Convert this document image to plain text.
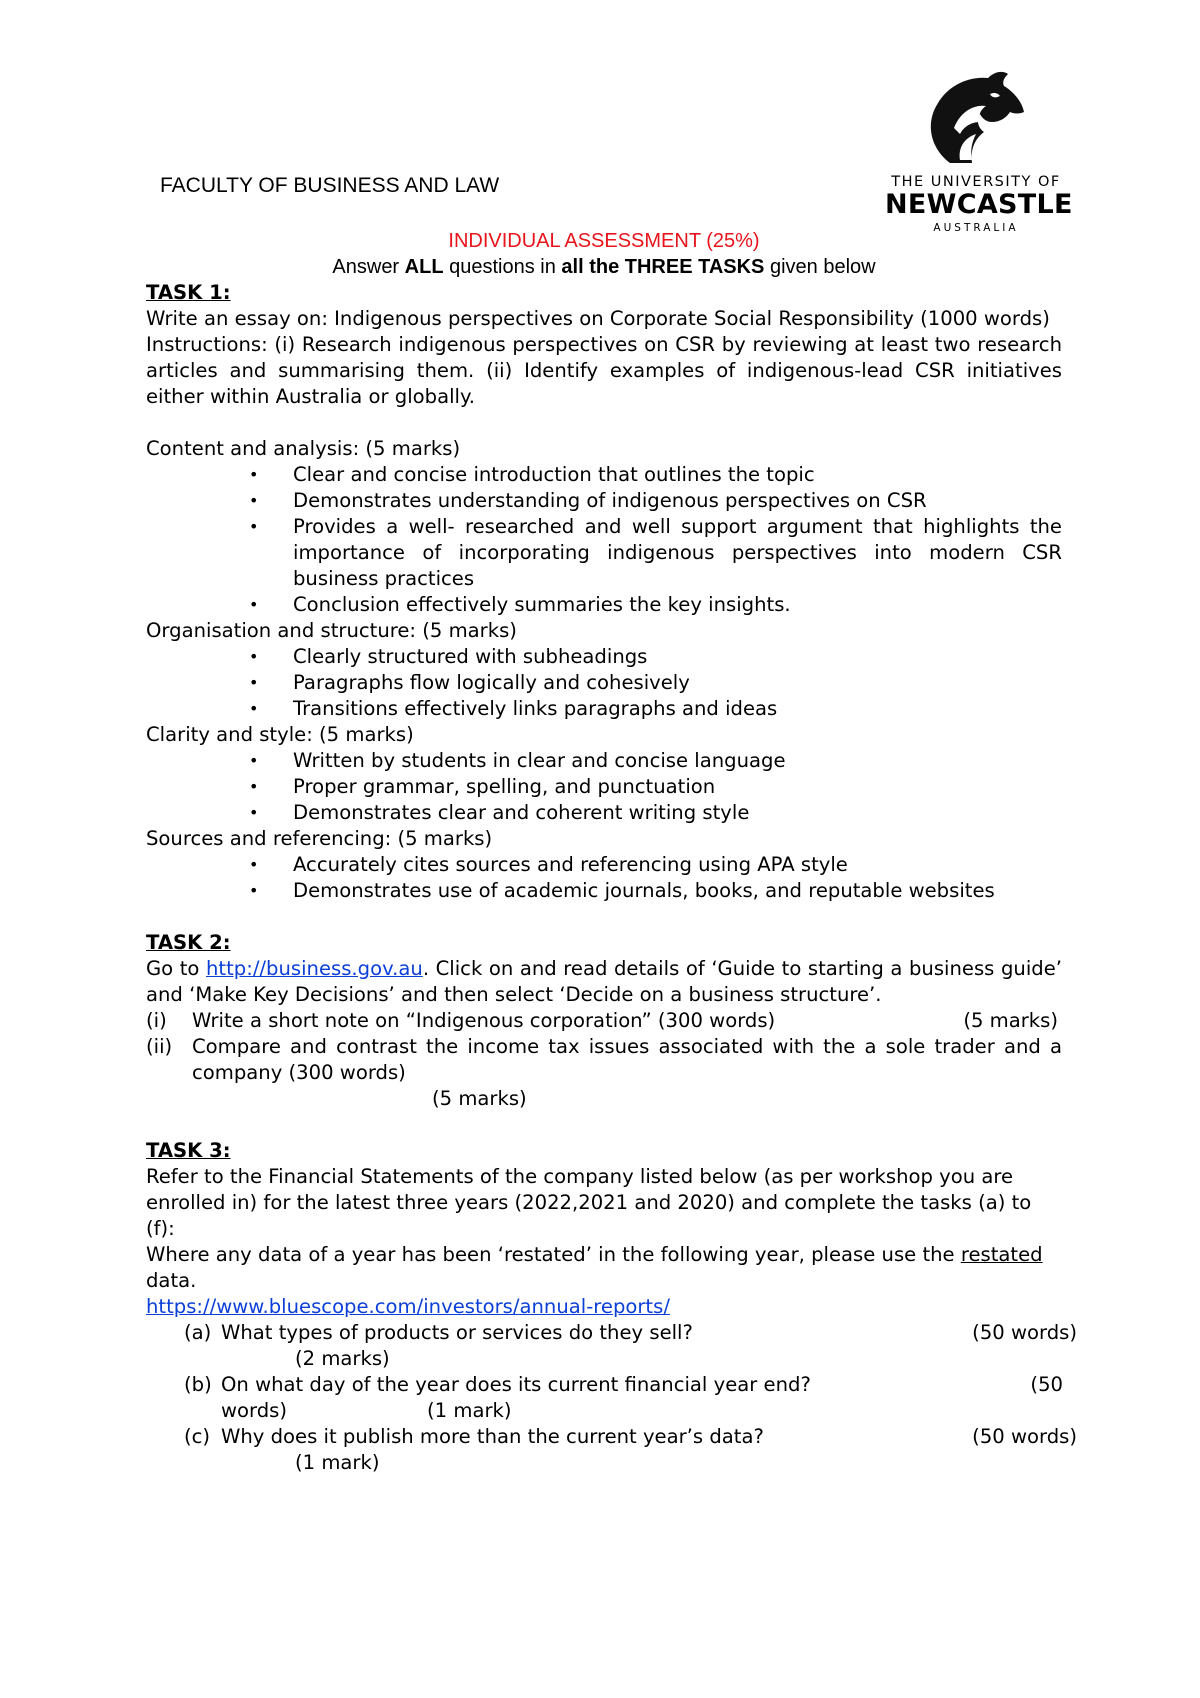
THE UNIVERSITY OF
NEWCASTLE
AUSTRALIA
FACULTY OF BUSINESS AND LAW

INDIVIDUAL ASSESSMENT (25%)

Answer ALL questions in all the THREE TASKS given below

TASK 1:

Write an essay on: Indigenous perspectives on Corporate Social Responsibility (1000 words)

Instructions: (i) Research indigenous perspectives on CSR by reviewing at least two research articles and summarising them. (ii) Identify examples of indigenous-lead CSR initiatives either within Australia or globally.

Content and analysis: (5 marks)

• Clear and concise introduction that outlines the topic
• Demonstrates understanding of indigenous perspectives on CSR
• Provides a well- researched and well support argument that highlights the importance of incorporating indigenous perspectives into modern CSR business practices
• Conclusion effectively summaries the key insights.

Organisation and structure: (5 marks)

• Clearly structured with subheadings
• Paragraphs flow logically and cohesively
• Transitions effectively links paragraphs and ideas

Clarity and style: (5 marks)

• Written by students in clear and concise language
• Proper grammar, spelling, and punctuation
• Demonstrates clear and coherent writing style

Sources and referencing: (5 marks)

• Accurately cites sources and referencing using APA style
• Demonstrates use of academic journals, books, and reputable websites

TASK 2:

Go to http://business.gov.au. Click on and read details of ‘Guide to starting a business guide’ and ‘Make Key Decisions’ and then select ‘Decide on a business structure’.

(i) Write a short note on “Indigenous corporation” (300 words)	(5 marks)
(ii) Compare and contrast the income tax issues associated with the a sole trader and a company (300 words)
(5 marks)

TASK 3:

Refer to the Financial Statements of the company listed below (as per workshop you are enrolled in) for the latest three years (2022,2021 and 2020) and complete the tasks (a) to (f):

Where any data of a year has been ‘restated’ in the following year, please use the restated data.

https://www.bluescope.com/investors/annual-reports/

(a) What types of products or services do they sell?	(50 words)
(2 marks)
(b) On what day of the year does its current financial year end?	(50
words)	(1 mark)
(c) Why does it publish more than the current year’s data?	(50 words)
(1 mark)
